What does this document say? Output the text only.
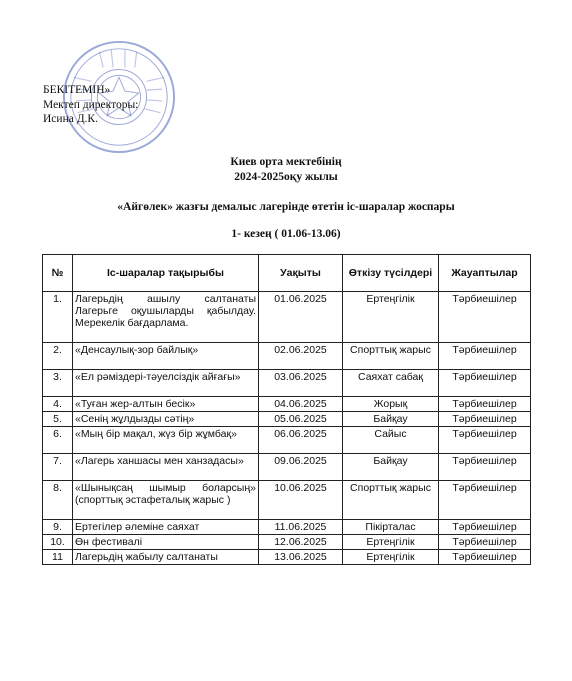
БЕКІТЕМІН»
Мектеп директоры:
Исина Д.К.
Киев орта мектебінің
2024-2025оқу жылы
«Айгөлек» жазғы демалыс лагерінде өтетін іс-шаралар жоспары
1- кезең ( 01.06-13.06)
№	Іс-шаралар тақырыбы	Уақыты	Өткізу түсілдері	Жауаптылар
1.	Лагерьдің ашылу салтанаты Лагерьге оқушыларды қабылдау. Мерекелік бағдарлама.	01.06.2025	Ертеңгілік	Тәрбиешілер
2.	«Денсаулық-зор байлық»	02.06.2025	Спорттық жарыс	Тәрбиешілер
3.	«Ел рәміздері-тәуелсіздік айғағы»	03.06.2025	Саяхат сабақ	Тәрбиешілер
4.	«Туған жер-алтын бесік»	04.06.2025	Жорық	Тәрбиешілер
5.	«Сенің жұлдызды сәтің»	05.06.2025	Байқау	Тәрбиешілер
6.	«Мың бір мақал, жүз бір жұмбақ»	06.06.2025	Сайыс	Тәрбиешілер
7.	«Лагерь ханшасы мен ханзадасы»	09.06.2025	Байқау	Тәрбиешілер
8.	«Шынықсаң шымыр боларсың» (спорттық эстафеталық жарыс )	10.06.2025	Спорттық жарыс	Тәрбиешілер
9.	Ертегілер әлеміне саяхат	11.06.2025	Пікірталас	Тәрбиешілер
10.	Өн фестивалі	12.06.2025	Ертеңгілік	Тәрбиешілер
11	Лагерьдің жабылу салтанаты	13.06.2025	Ертеңгілік	Тәрбиешілер
